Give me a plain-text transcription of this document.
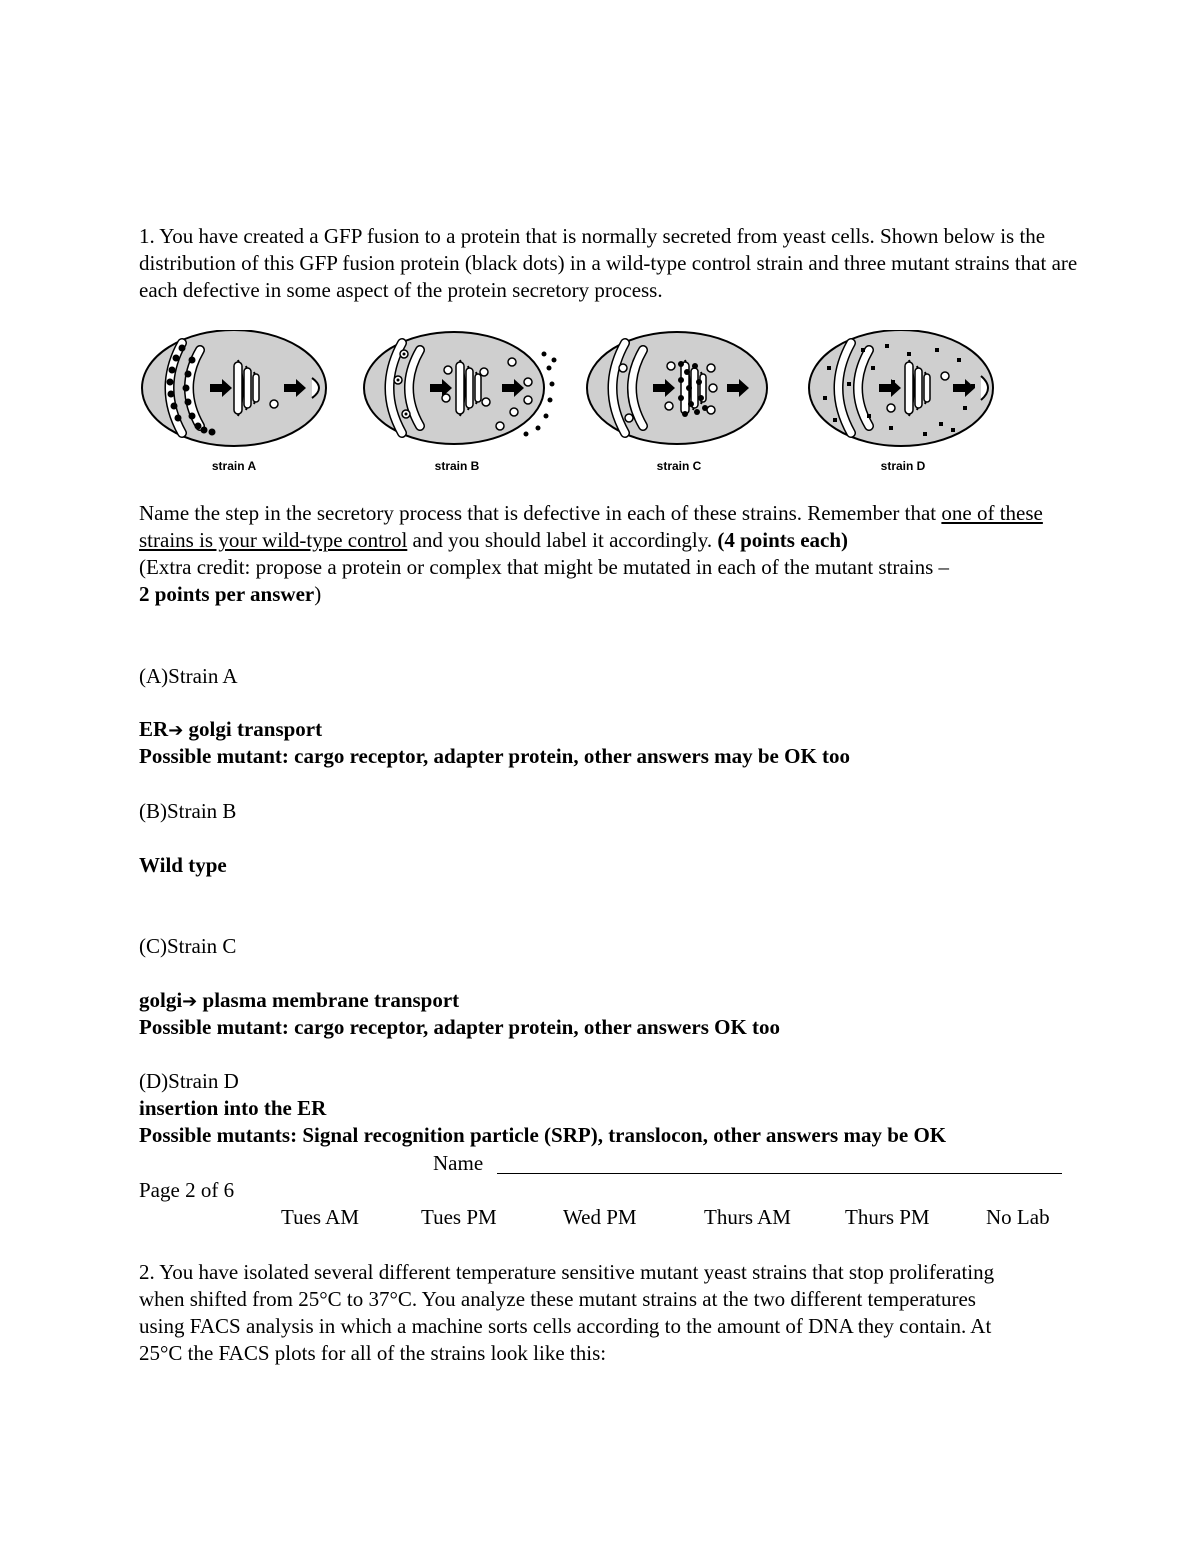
1. You have created a GFP fusion to a protein that is normally secreted from yeast cells. Shown below is the distribution of this GFP fusion protein (black dots) in a wild-type control strain and three mutant strains that are each defective in some aspect of the protein secretory process.
strain A	strain B	strain C	strain D
Name the step in the secretory process that is defective in each of these strains. Remember that one of these strains is your wild-type control and you should label it accordingly. (4 points each)
(Extra credit: propose a protein or complex that might be mutated in each of the mutant strains –
2 points per answer)
(A)Strain A
ER➔ golgi transport
Possible mutant: cargo receptor, adapter protein, other answers may be OK too
(B)Strain B
Wild type
(C)Strain C
golgi➔ plasma membrane transport
Possible mutant: cargo receptor, adapter protein, other answers OK too
(D)Strain D
insertion into the ER
Possible mutants: Signal recognition particle (SRP), translocon, other answers may be OK
Name
Page 2 of 6
Tues AM	Tues PM	Wed PM	Thurs AM	Thurs PM	No Lab
2. You have isolated several different temperature sensitive mutant yeast strains that stop proliferating when shifted from 25°C to 37°C. You analyze these mutant strains at the two different temperatures using FACS analysis in which a machine sorts cells according to the amount of DNA they contain. At 25°C the FACS plots for all of the strains look like this:
